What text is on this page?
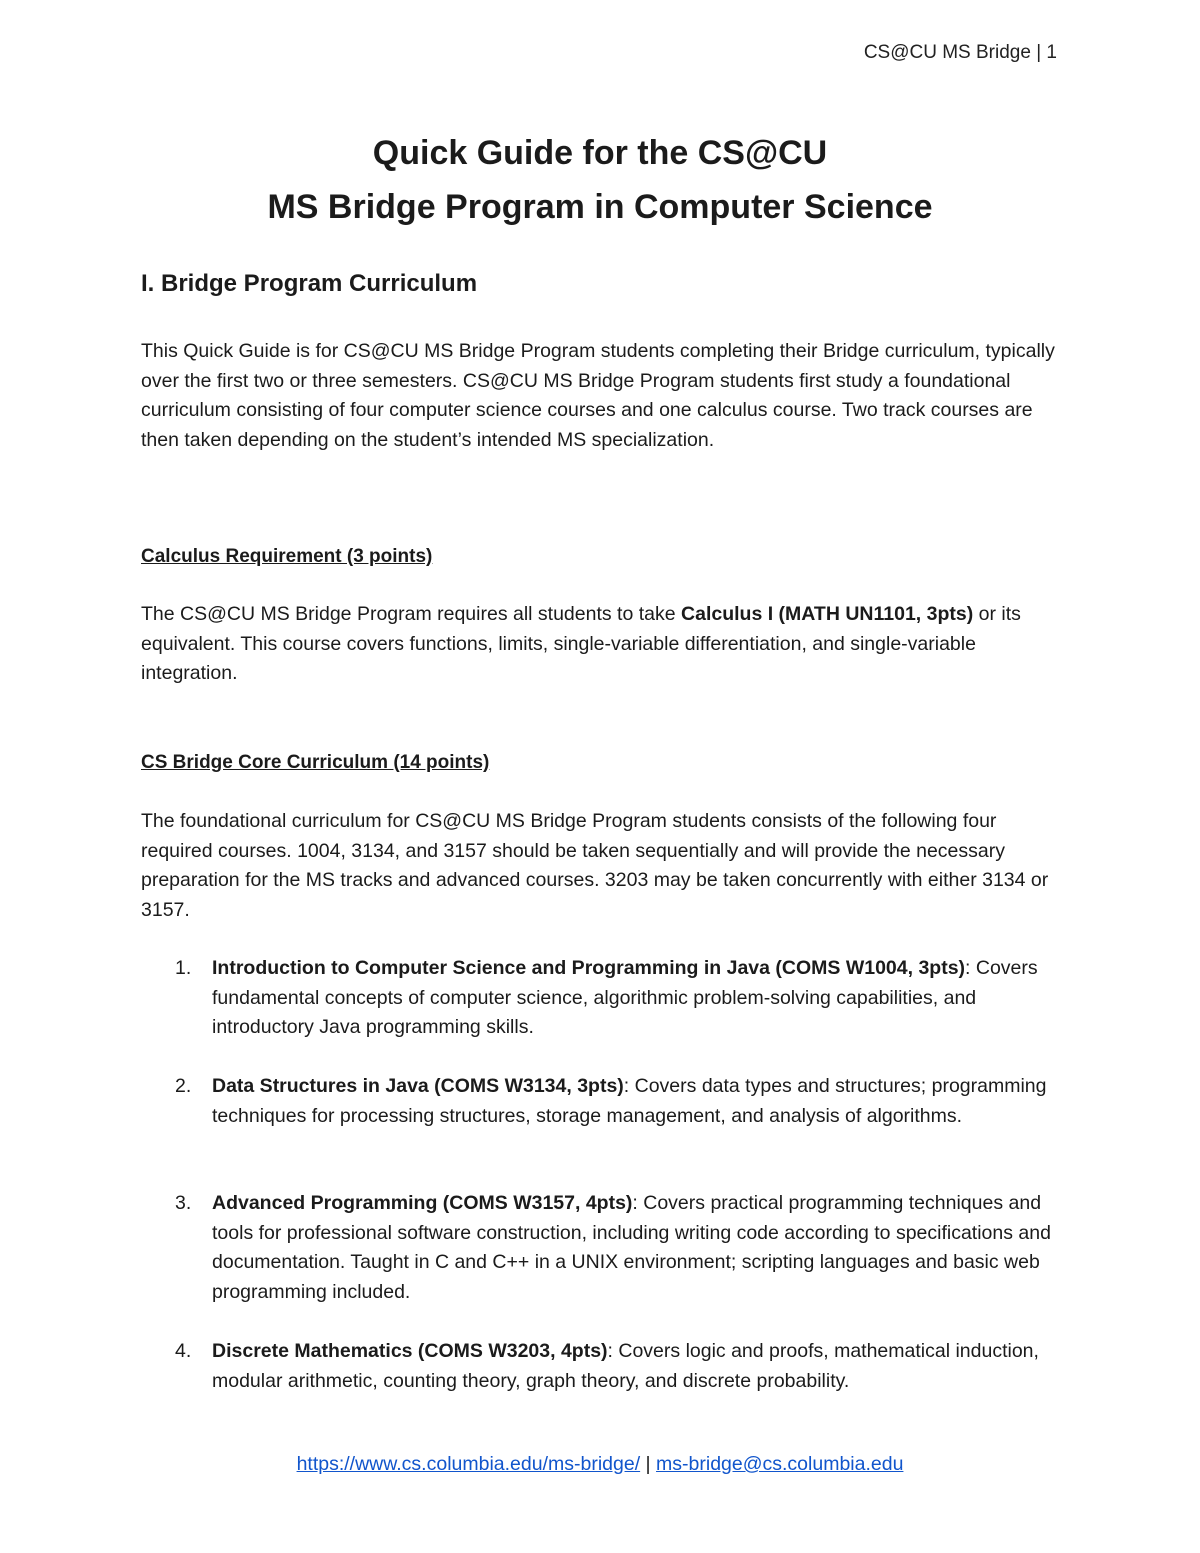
CS@CU MS Bridge | 1
Quick Guide for the CS@CU
MS Bridge Program in Computer Science
I. Bridge Program Curriculum

This Quick Guide is for CS@CU MS Bridge Program students completing their Bridge curriculum, typically over the first two or three semesters. CS@CU MS Bridge Program students first study a foundational curriculum consisting of four computer science courses and one calculus course. Two track courses are then taken depending on the student’s intended MS specialization.

Calculus Requirement (3 points)

The CS@CU MS Bridge Program requires all students to take Calculus I (MATH UN1101, 3pts) or its equivalent. This course covers functions, limits, single-variable differentiation, and single-variable integration.

CS Bridge Core Curriculum (14 points)

The foundational curriculum for CS@CU MS Bridge Program students consists of the following four required courses. 1004, 3134, and 3157 should be taken sequentially and will provide the necessary preparation for the MS tracks and advanced courses. 3203 may be taken concurrently with either 3134 or 3157.

1.	Introduction to Computer Science and Programming in Java (COMS W1004, 3pts): Covers fundamental concepts of computer science, algorithmic problem-solving capabilities, and introductory Java programming skills.
2.	Data Structures in Java (COMS W3134, 3pts): Covers data types and structures; programming techniques for processing structures, storage management, and analysis of algorithms.
3.	Advanced Programming (COMS W3157, 4pts): Covers practical programming techniques and tools for professional software construction, including writing code according to specifications and documentation. Taught in C and C++ in a UNIX environment; scripting languages and basic web programming included.
4.	Discrete Mathematics (COMS W3203, 4pts): Covers logic and proofs, mathematical induction, modular arithmetic, counting theory, graph theory, and discrete probability.
https://www.cs.columbia.edu/ms-bridge/ | ms-bridge@cs.columbia.edu
